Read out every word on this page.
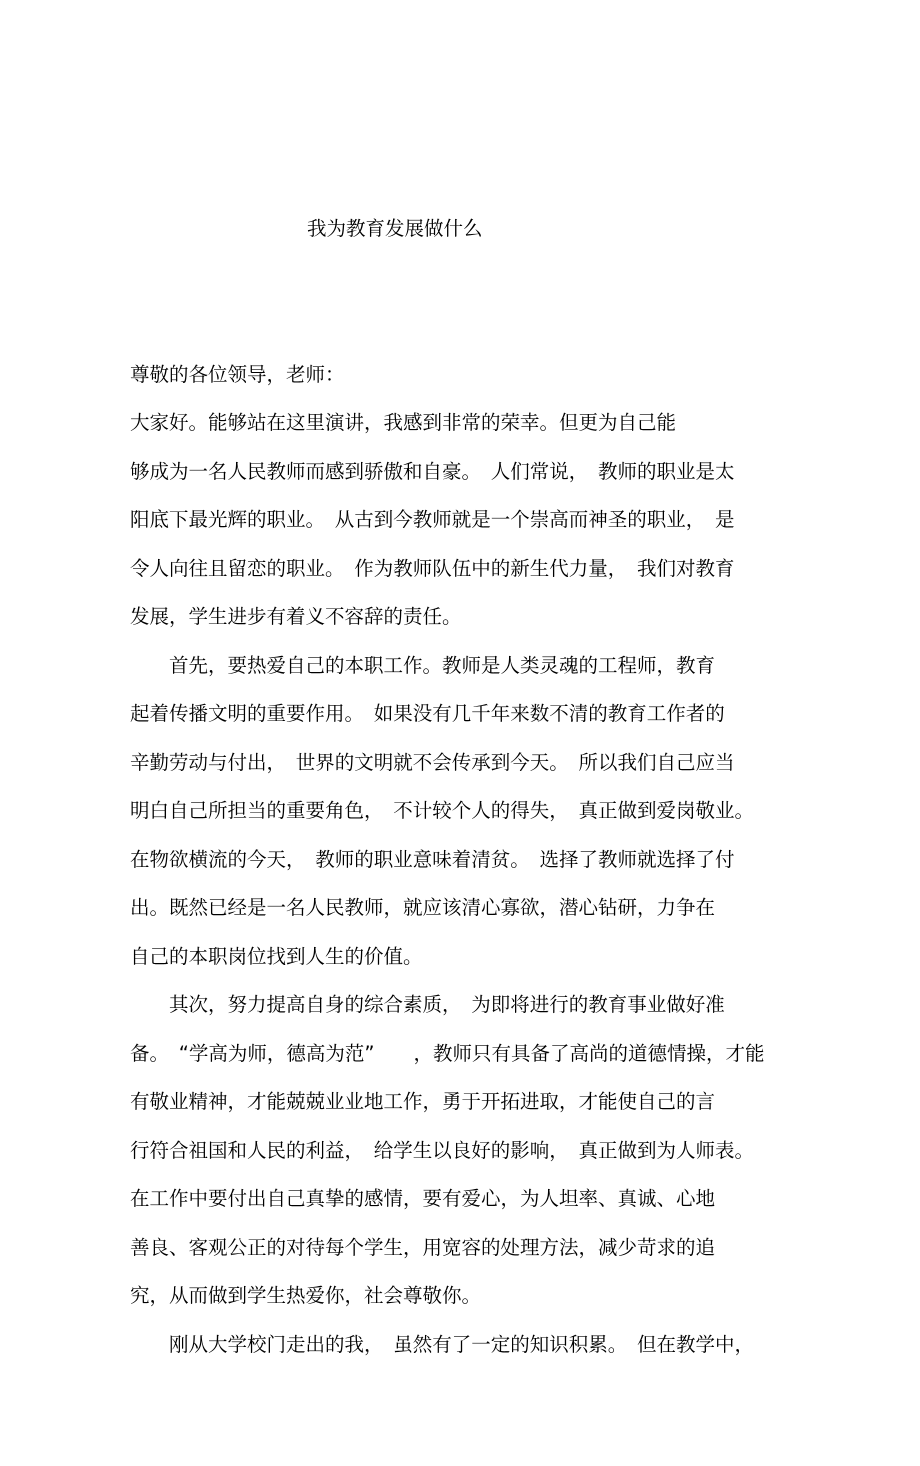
我为教育发展做什么

尊敬的各位领导，老师：
大家好。能够站在这里演讲，我感到非常的荣幸。但更为自己能
够成为一名人民教师而感到骄傲和自豪。　人们常说，　教师的职业是太
阳底下最光辉的职业。　从古到今教师就是一个崇高而神圣的职业，　是
令人向往且留恋的职业。　作为教师队伍中的新生代力量，　我们对教育
发展，学生进步有着义不容辞的责任。
　　首先，要热爱自己的本职工作。教师是人类灵魂的工程师，教育
起着传播文明的重要作用。　如果没有几千年来数不清的教育工作者的
辛勤劳动与付出，　世界的文明就不会传承到今天。　所以我们自己应当
明白自己所担当的重要角色，　不计较个人的得失，　真正做到爱岗敬业。
在物欲横流的今天，　教师的职业意味着清贫。　选择了教师就选择了付
出。既然已经是一名人民教师，就应该清心寡欲，潜心钻研，力争在
自己的本职岗位找到人生的价值。
　　其次，努力提高自身的综合素质，　为即将进行的教育事业做好准
备。　“学高为师，德高为范”　　，教师只有具备了高尚的道德情操，才能
有敬业精神，才能兢兢业业地工作，勇于开拓进取，才能使自己的言
行符合祖国和人民的利益，　给学生以良好的影响，　真正做到为人师表。
在工作中要付出自己真挚的感情，要有爱心，为人坦率、真诚、心地
善良、客观公正的对待每个学生，用宽容的处理方法，减少苛求的追
究，从而做到学生热爱你，社会尊敬你。
　　刚从大学校门走出的我，　虽然有了一定的知识积累。　但在教学中，
